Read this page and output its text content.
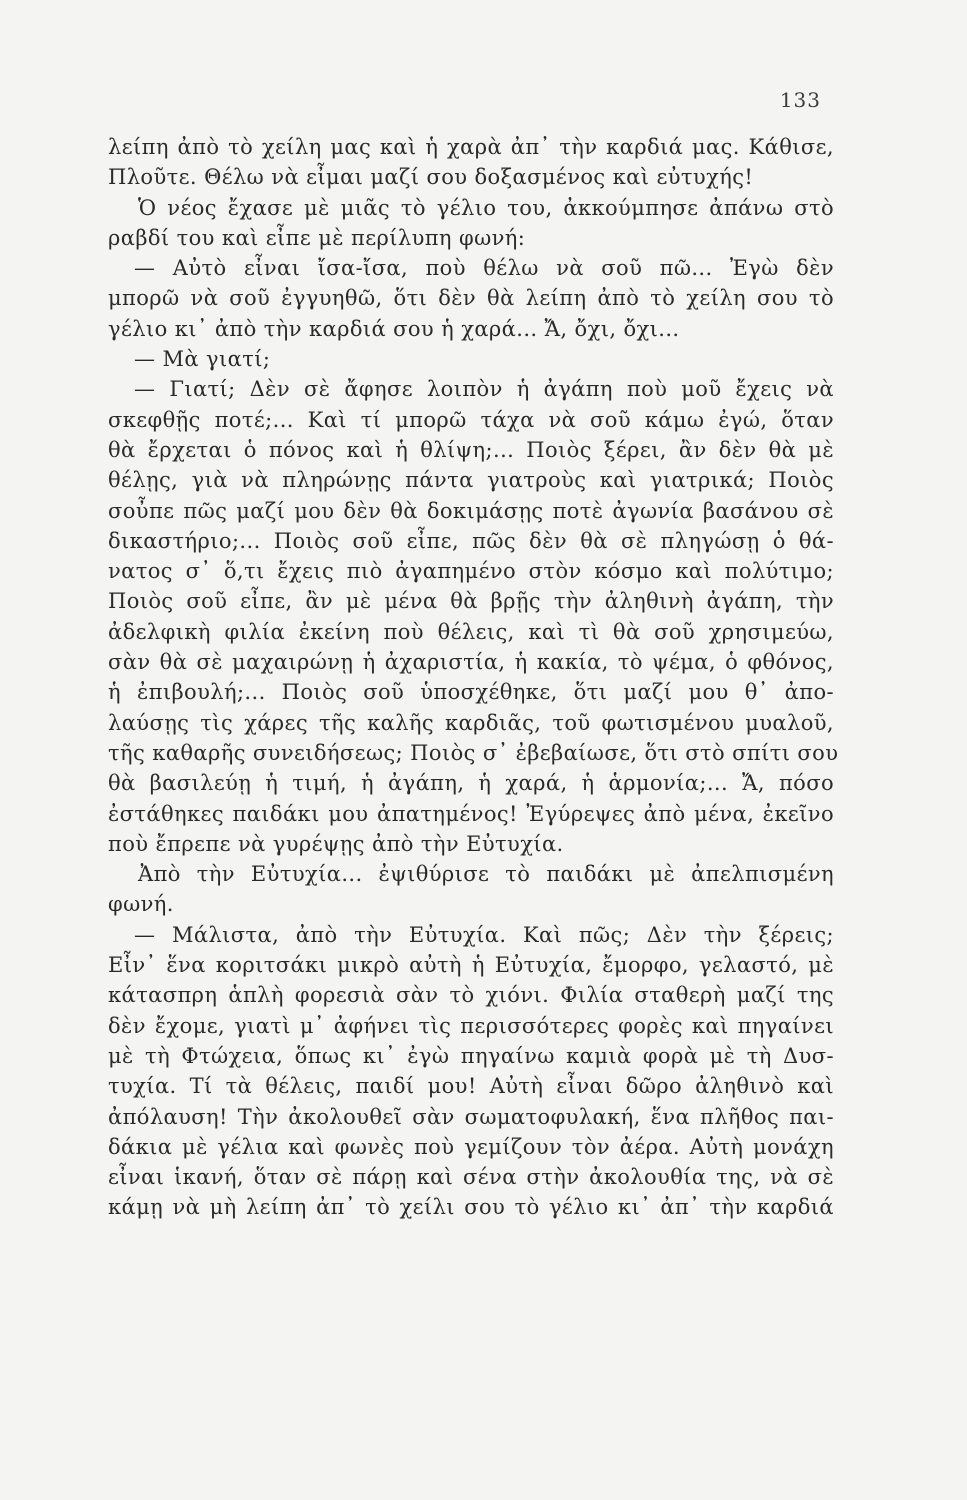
133
λείπη ἀπὸ τὸ χείλη μας καὶ ἡ χαρὰ ἀπ᾽ τὴν καρδιά μας. Κάθισε,
Πλοῦτε. Θέλω νὰ εἶμαι μαζί σου δοξασμένος καὶ εὐτυχής!
Ὁ νέος ἔχασε μὲ μιᾶς τὸ γέλιο του, ἀκκούμπησε ἀπάνω στὸ
ραβδί του καὶ εἶπε μὲ περίλυπη φωνή:
— Αὐτὸ εἶναι ἴσα-ἴσα, ποὺ θέλω νὰ σοῦ πῶ... Ἐγὼ δὲν
μπορῶ νὰ σοῦ ἐγγυηθῶ, ὅτι δὲν θὰ λείπη ἀπὸ τὸ χείλη σου τὸ
γέλιο κι᾽ ἀπὸ τὴν καρδιά σου ἡ χαρά... Ἄ, ὄχι, ὄχι...
— Μὰ γιατί;
— Γιατί; Δὲν σὲ ἄφησε λοιπὸν ἡ ἀγάπη ποὺ μοῦ ἔχεις νὰ
σκεφθῇς ποτέ;... Καὶ τί μπορῶ τάχα νὰ σοῦ κάμω ἐγώ, ὅταν
θὰ ἔρχεται ὁ πόνος καὶ ἡ θλίψη;... Ποιὸς ξέρει, ἂν δὲν θὰ μὲ
θέλῃς, γιὰ νὰ πληρώνῃς πάντα γιατροὺς καὶ γιατρικά; Ποιὸς
σοὖπε πῶς μαζί μου δὲν θὰ δοκιμάσῃς ποτὲ ἀγωνία βασάνου σὲ
δικαστήριο;... Ποιὸς σοῦ εἶπε, πῶς δὲν θὰ σὲ πληγώσῃ ὁ θά-
νατος σ᾽ ὅ,τι ἔχεις πιὸ ἀγαπημένο στὸν κόσμο καὶ πολύτιμο;
Ποιὸς σοῦ εἶπε, ἂν μὲ μένα θὰ βρῇς τὴν ἀληθινὴ ἀγάπη, τὴν
ἀδελφικὴ φιλία ἐκείνη ποὺ θέλεις, καὶ τὶ θὰ σοῦ χρησιμεύω,
σὰν θὰ σὲ μαχαιρώνῃ ἡ ἀχαριστία, ἡ κακία, τὸ ψέμα, ὁ φθόνος,
ἡ ἐπιβουλή;... Ποιὸς σοῦ ὑποσχέθηκε, ὅτι μαζί μου θ᾽ ἀπο-
λαύσῃς τὶς χάρες τῆς καλῆς καρδιᾶς, τοῦ φωτισμένου μυαλοῦ,
τῆς καθαρῆς συνειδήσεως; Ποιὸς σ᾽ ἐβεβαίωσε, ὅτι στὸ σπίτι σου
θὰ βασιλεύῃ ἡ τιμή, ἡ ἀγάπη, ἡ χαρά, ἡ ἁρμονία;... Ἄ, πόσο
ἐστάθηκες παιδάκι μου ἀπατημένος! Ἐγύρεψες ἀπὸ μένα, ἐκεῖνο
ποὺ ἔπρεπε νὰ γυρέψῃς ἀπὸ τὴν Εὐτυχία.
Ἀπὸ τὴν Εὐτυχία... ἐψιθύρισε τὸ παιδάκι μὲ ἀπελπισμένη
φωνή.
— Μάλιστα, ἀπὸ τὴν Εὐτυχία. Καὶ πῶς; Δὲν τὴν ξέρεις;
Εἶν᾽ ἕνα κοριτσάκι μικρὸ αὐτὴ ἡ Εὐτυχία, ἔμορφο, γελαστό, μὲ
κάτασπρη ἁπλὴ φορεσιὰ σὰν τὸ χιόνι. Φιλία σταθερὴ μαζί της
δὲν ἔχομε, γιατὶ μ᾽ ἀφήνει τὶς περισσότερες φορὲς καὶ πηγαίνει
μὲ τὴ Φτώχεια, ὅπως κι᾽ ἐγὼ πηγαίνω καμιὰ φορὰ μὲ τὴ Δυσ-
τυχία. Τί τὰ θέλεις, παιδί μου! Αὐτὴ εἶναι δῶρο ἀληθινὸ καὶ
ἀπόλαυση! Τὴν ἀκολουθεῖ σὰν σωματοφυλακή, ἕνα πλῆθος παι-
δάκια μὲ γέλια καὶ φωνὲς ποὺ γεμίζουν τὸν ἀέρα. Αὐτὴ μονάχη
εἶναι ἱκανή, ὅταν σὲ πάρῃ καὶ σένα στὴν ἀκολουθία της, νὰ σὲ
κάμῃ νὰ μὴ λείπη ἀπ᾽ τὸ χείλι σου τὸ γέλιο κι᾽ ἀπ᾽ τὴν καρδιά
